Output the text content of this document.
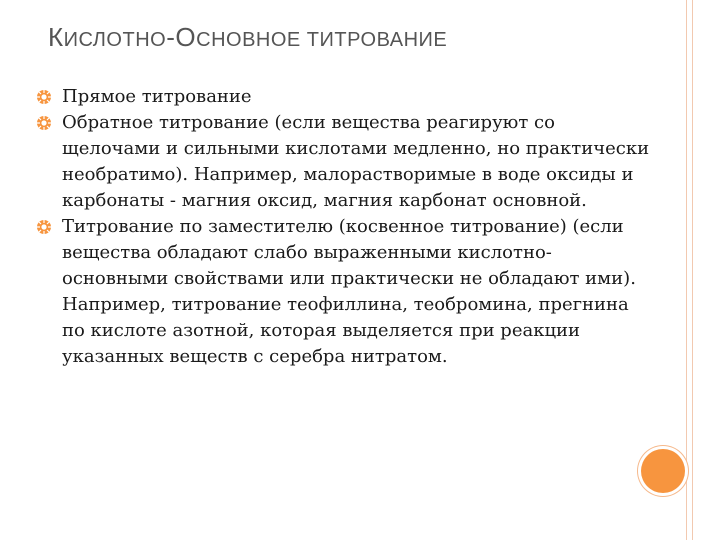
КИСЛОТНО-ОСНОВНОЕ ТИТРОВАНИЕ

Прямое титрование

Обратное титрование (если вещества реагируют со щелочами и сильными кислотами медленно, но практически необратимо). Например, малорастворимые в воде оксиды и карбонаты - магния оксид, магния карбонат основной.

Титрование по заместителю (косвенное титрование) (если вещества обладают слабо выраженными кислотно-основными свойствами или практически не обладают ими). Например, титрование теофиллина, теобромина, прегнина по кислоте азотной, которая выделяется при реакции указанных веществ с серебра нитратом.
